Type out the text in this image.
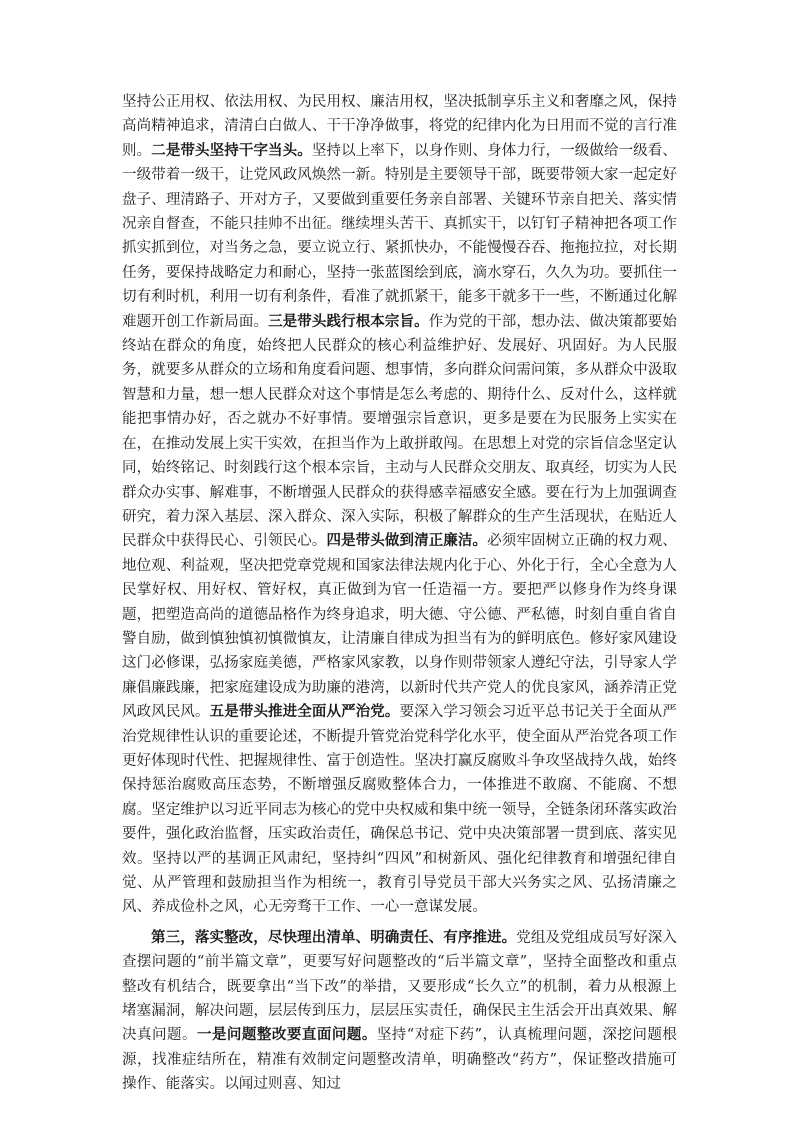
坚持公正用权、依法用权、为民用权、廉洁用权，坚决抵制享乐主义和奢靡之风，保持高尚精神追求，清清白白做人、干干净净做事，将党的纪律内化为日用而不觉的言行准则。二是带头坚持干字当头。坚持以上率下，以身作则、身体力行，一级做给一级看、一级带着一级干，让党风政风焕然一新。特别是主要领导干部，既要带领大家一起定好盘子、理清路子、开对方子，又要做到重要任务亲自部署、关键环节亲自把关、落实情况亲自督查，不能只挂帅不出征。继续埋头苦干、真抓实干，以钉钉子精神把各项工作抓实抓到位，对当务之急，要立说立行、紧抓快办，不能慢慢吞吞、拖拖拉拉，对长期任务，要保持战略定力和耐心，坚持一张蓝图绘到底，滴水穿石，久久为功。要抓住一切有利时机，利用一切有利条件，看准了就抓紧干，能多干就多干一些，不断通过化解难题开创工作新局面。三是带头践行根本宗旨。作为党的干部，想办法、做决策都要始终站在群众的角度，始终把人民群众的核心利益维护好、发展好、巩固好。为人民服务，就要多从群众的立场和角度看问题、想事情，多向群众问需问策，多从群众中汲取智慧和力量，想一想人民群众对这个事情是怎么考虑的、期待什么、反对什么，这样就能把事情办好，否之就办不好事情。要增强宗旨意识，更多是要在为民服务上实实在在，在推动发展上实干实效，在担当作为上敢拼敢闯。在思想上对党的宗旨信念坚定认同，始终铭记、时刻践行这个根本宗旨，主动与人民群众交朋友、取真经，切实为人民群众办实事、解难事，不断增强人民群众的获得感幸福感安全感。要在行为上加强调查研究，着力深入基层、深入群众、深入实际，积极了解群众的生产生活现状，在贴近人民群众中获得民心、引领民心。四是带头做到清正廉洁。必须牢固树立正确的权力观、地位观、利益观，坚决把党章党规和国家法律法规内化于心、外化于行，全心全意为人民掌好权、用好权、管好权，真正做到为官一任造福一方。要把严以修身作为终身课题，把塑造高尚的道德品格作为终身追求，明大德、守公德、严私德，时刻自重自省自警自励，做到慎独慎初慎微慎友，让清廉自律成为担当有为的鲜明底色。修好家风建设这门必修课，弘扬家庭美德，严格家风家教，以身作则带领家人遵纪守法，引导家人学廉倡廉践廉，把家庭建设成为助廉的港湾，以新时代共产党人的优良家风，涵养清正党风政风民风。五是带头推进全面从严治党。要深入学习领会习近平总书记关于全面从严治党规律性认识的重要论述，不断提升管党治党科学化水平，使全面从严治党各项工作更好体现时代性、把握规律性、富于创造性。坚决打赢反腐败斗争攻坚战持久战，始终保持惩治腐败高压态势，不断增强反腐败整体合力，一体推进不敢腐、不能腐、不想腐。坚定维护以习近平同志为核心的党中央权威和集中统一领导，全链条闭环落实政治要件，强化政治监督，压实政治责任，确保总书记、党中央决策部署一贯到底、落实见效。坚持以严的基调正风肃纪，坚持纠“四风”和树新风、强化纪律教育和增强纪律自觉、从严管理和鼓励担当作为相统一，教育引导党员干部大兴务实之风、弘扬清廉之风、养成俭朴之风，心无旁骛干工作、一心一意谋发展。

第三，落实整改，尽快理出清单、明确责任、有序推进。党组及党组成员写好深入查摆问题的“前半篇文章”，更要写好问题整改的“后半篇文章”，坚持全面整改和重点整改有机结合，既要拿出“当下改”的举措，又要形成“长久立”的机制，着力从根源上堵塞漏洞，解决问题，层层传到压力，层层压实责任，确保民主生活会开出真效果、解决真问题。一是问题整改要直面问题。坚持“对症下药”，认真梳理问题，深挖问题根源，找准症结所在，精准有效制定问题整改清单，明确整改“药方”，保证整改措施可操作、能落实。以闻过则喜、知过
